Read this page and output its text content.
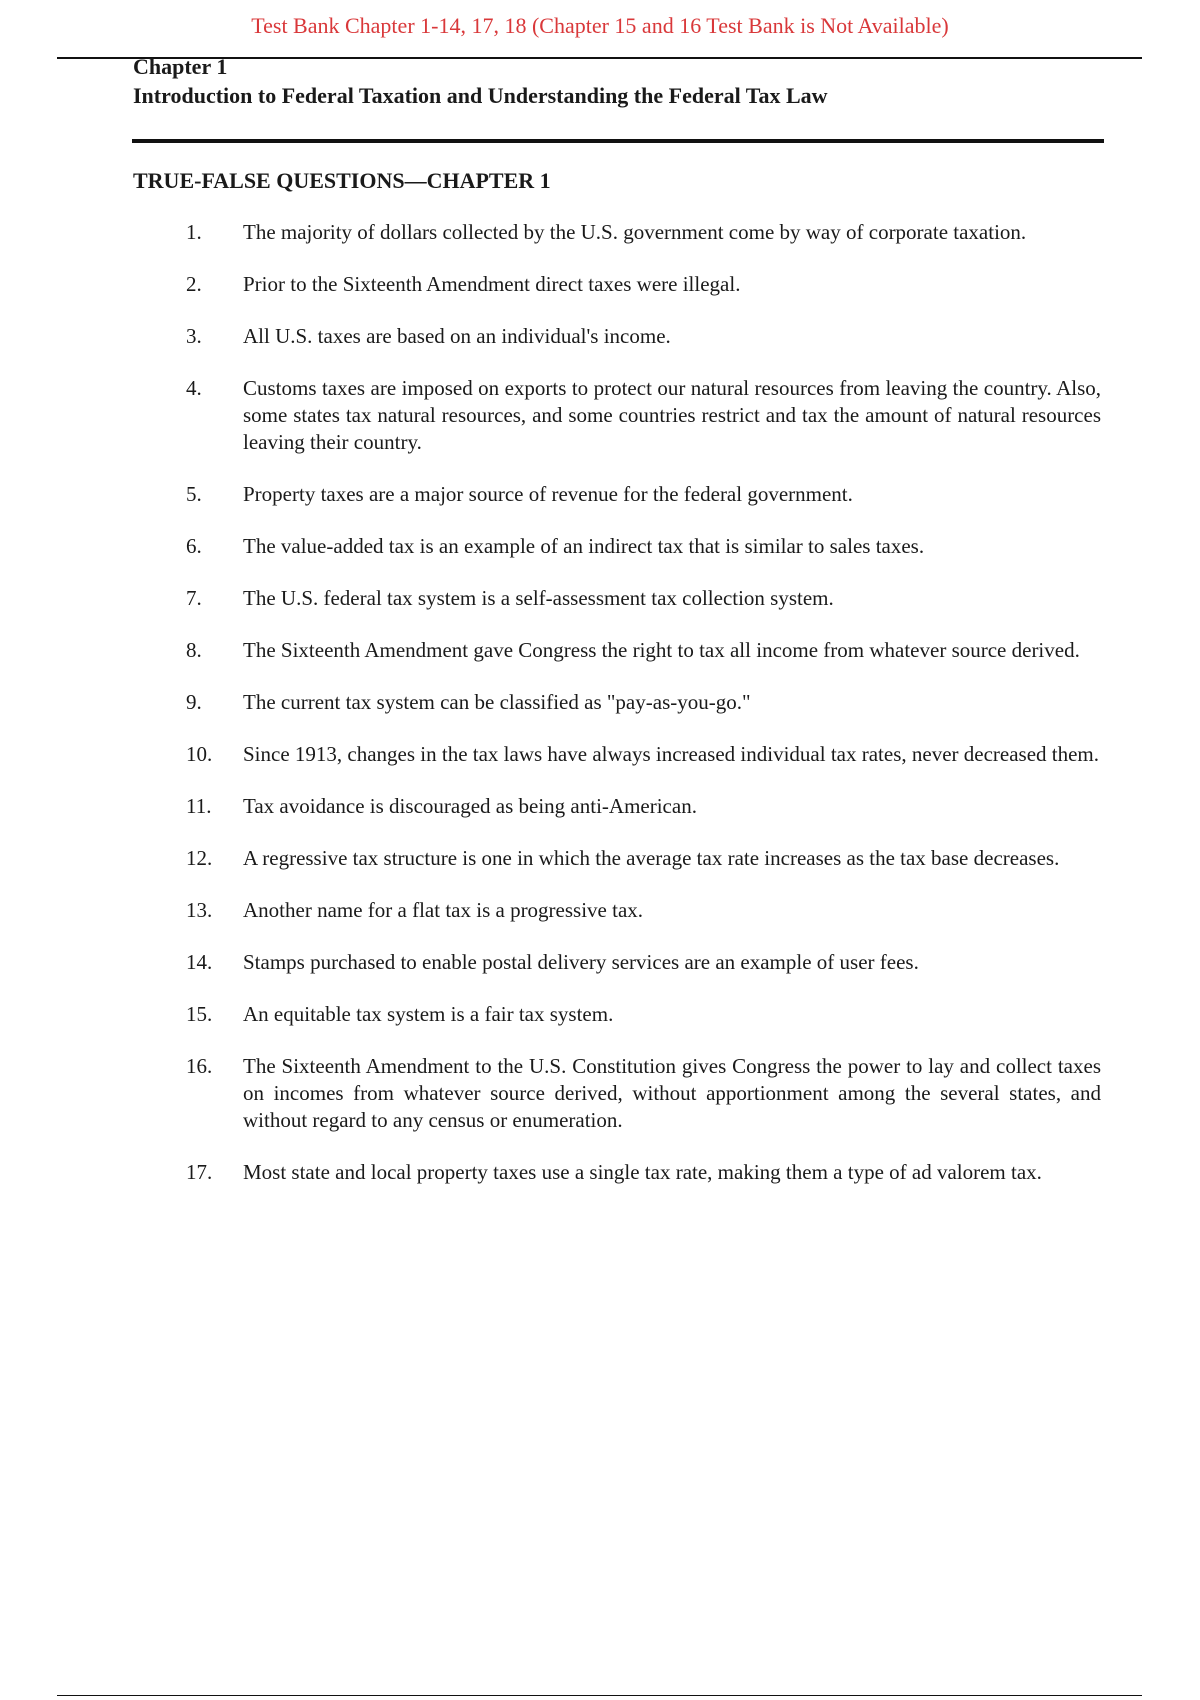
Test Bank Chapter 1-14, 17, 18 (Chapter 15 and 16 Test Bank is Not Available)
Chapter 1
Introduction to Federal Taxation and Understanding the Federal Tax Law
TRUE-FALSE QUESTIONS—CHAPTER 1
1.	The majority of dollars collected by the U.S. government come by way of corporate taxation.
2.	Prior to the Sixteenth Amendment direct taxes were illegal.
3.	All U.S. taxes are based on an individual's income.
4.	Customs taxes are imposed on exports to protect our natural resources from leaving the country. Also, some states tax natural resources, and some countries restrict and tax the amount of natural resources leaving their country.
5.	Property taxes are a major source of revenue for the federal government.
6.	The value-added tax is an example of an indirect tax that is similar to sales taxes.
7.	The U.S. federal tax system is a self-assessment tax collection system.
8.	The Sixteenth Amendment gave Congress the right to tax all income from whatever source derived.
9.	The current tax system can be classified as "pay-as-you-go."
10.	Since 1913, changes in the tax laws have always increased individual tax rates, never decreased them.
11.	Tax avoidance is discouraged as being anti-American.
12.	A regressive tax structure is one in which the average tax rate increases as the tax base decreases.
13.	Another name for a flat tax is a progressive tax.
14.	Stamps purchased to enable postal delivery services are an example of user fees.
15.	An equitable tax system is a fair tax system.
16.	The Sixteenth Amendment to the U.S. Constitution gives Congress the power to lay and collect taxes on incomes from whatever source derived, without apportionment among the several states, and without regard to any census or enumeration.
17.	Most state and local property taxes use a single tax rate, making them a type of ad valorem tax.
